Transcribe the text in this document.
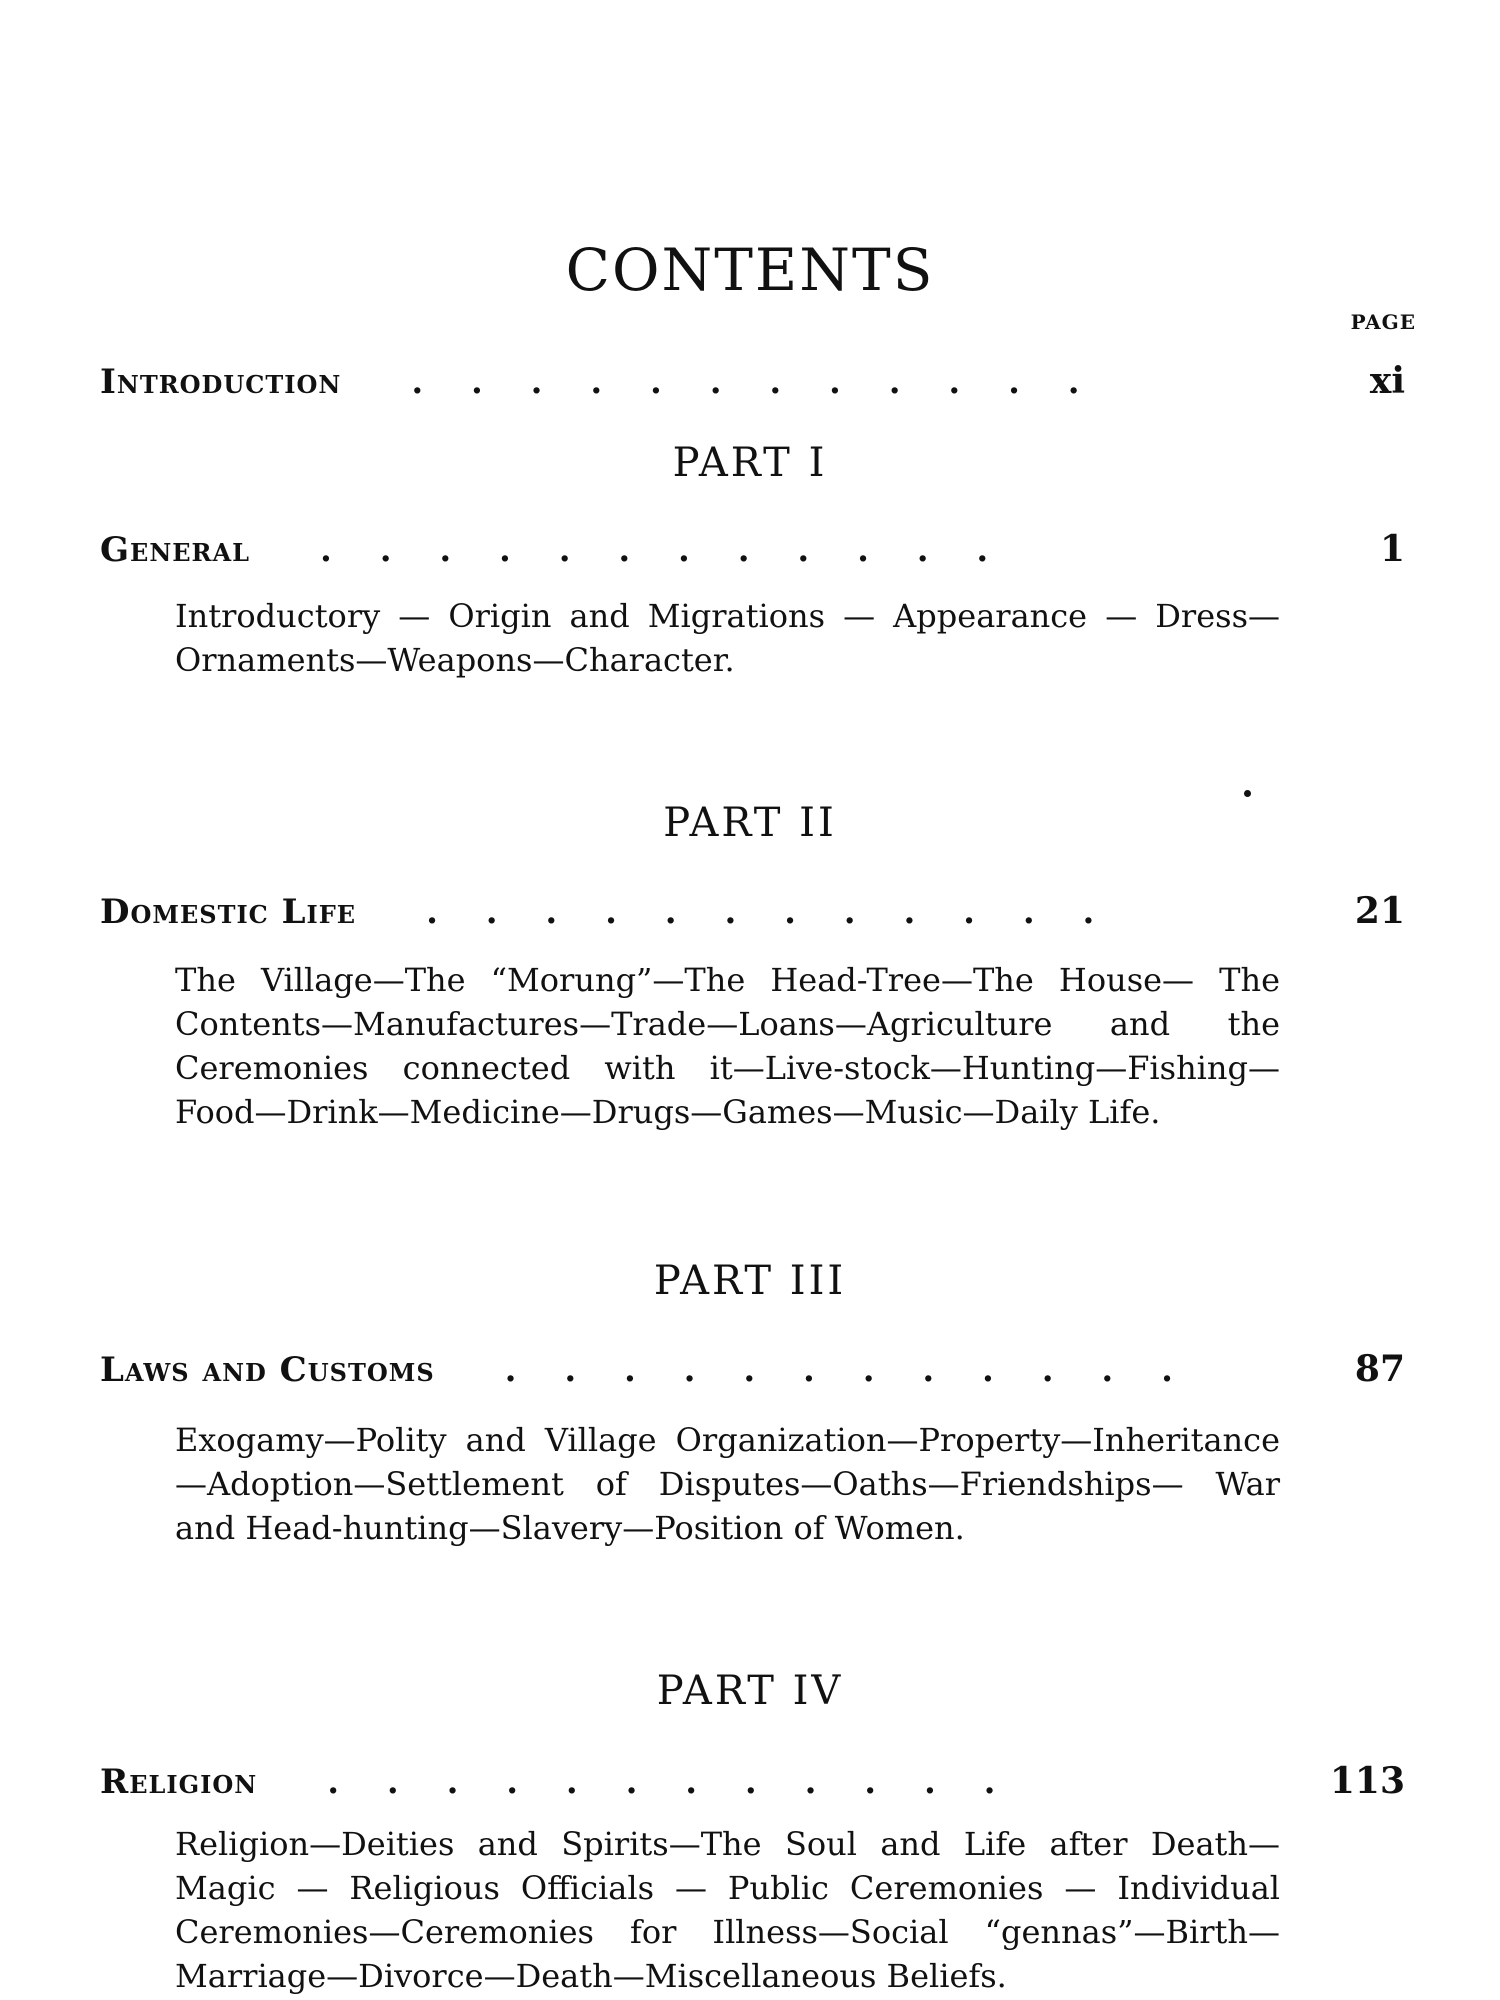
CONTENTS
PAGE
Introduction . . . . . . . . . . . .	xi
PART I
General . . . . . . . . . . . .	1
Introductory — Origin and Migrations — Appearance — Dress— Ornaments—Weapons—Character.
PART II
Domestic Life . . . . . . . . . . . .	21
The Village—The “Morung”—The Head-Tree—The House— The Contents—Manufactures—Trade—Loans—Agriculture and the Ceremonies connected with it—Live-stock—Hunting—Fishing— Food—Drink—Medicine—Drugs—Games—Music—Daily Life.
PART III
Laws and Customs . . . . . . . . . . . .	87
Exogamy—Polity and Village Organization—Property—Inheritance—Adoption—Settlement of Disputes—Oaths—Friendships— War and Head-hunting—Slavery—Position of Women.
PART IV
Religion . . . . . . . . . . . .	113
Religion—Deities and Spirits—The Soul and Life after Death— Magic — Religious Officials — Public Ceremonies — Individual Ceremonies—Ceremonies for Illness—Social “gennas”—Birth— Marriage—Divorce—Death—Miscellaneous Beliefs.
